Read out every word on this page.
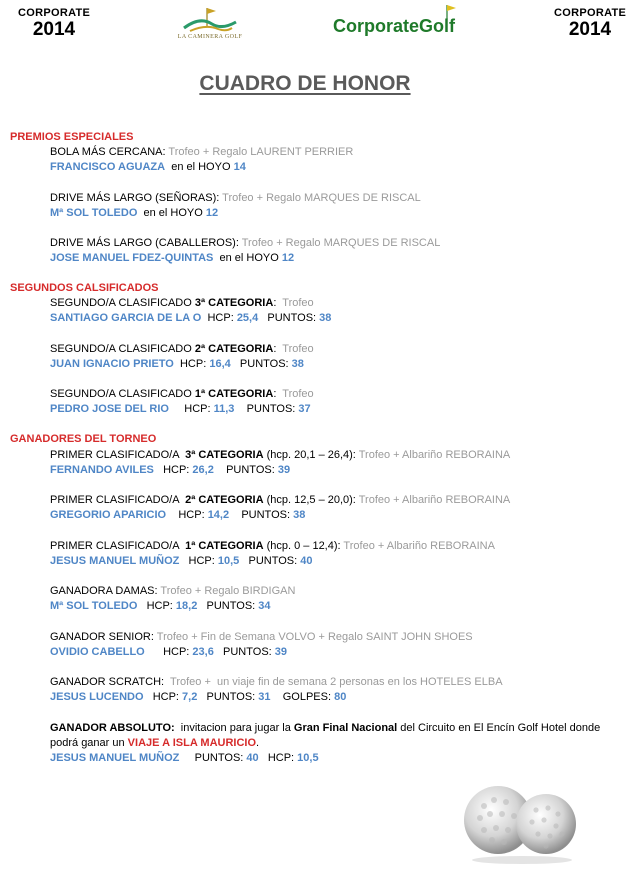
CORPORATE
2014	LA CAMINERA GOLF
CorporateGolf
CORPORATE
2014
CUADRO DE HONOR
PREMIOS ESPECIALES
BOLA MÁS CERCANA: Trofeo + Regalo LAURENT PERRIER
FRANCISCO AGUAZA  en el HOYO 14
DRIVE MÁS LARGO (SEÑORAS): Trofeo + Regalo MARQUES DE RISCAL
Mª SOL TOLEDO  en el HOYO 12
DRIVE MÁS LARGO (CABALLEROS): Trofeo + Regalo MARQUES DE RISCAL
JOSE MANUEL FDEZ-QUINTAS  en el HOYO 12
SEGUNDOS CALSIFICADOS
SEGUNDO/A CLASIFICADO 3ª CATEGORIA:  Trofeo
SANTIAGO GARCIA DE LA O  HCP: 25,4   PUNTOS: 38
SEGUNDO/A CLASIFICADO 2ª CATEGORIA:  Trofeo
JUAN IGNACIO PRIETO  HCP: 16,4   PUNTOS: 38
SEGUNDO/A CLASIFICADO 1ª CATEGORIA:  Trofeo
PEDRO JOSE DEL RIO     HCP: 11,3    PUNTOS: 37
GANADORES DEL TORNEO
PRIMER CLASIFICADO/A  3ª CATEGORIA (hcp. 20,1 – 26,4): Trofeo + Albariño REBORAINA
FERNANDO AVILES   HCP: 26,2    PUNTOS: 39
PRIMER CLASIFICADO/A  2ª CATEGORIA (hcp. 12,5 – 20,0): Trofeo + Albariño REBORAINA
GREGORIO APARICIO    HCP: 14,2    PUNTOS: 38
PRIMER CLASIFICADO/A  1ª CATEGORIA (hcp. 0 – 12,4): Trofeo + Albariño REBORAINA
JESUS MANUEL MUÑOZ   HCP: 10,5   PUNTOS: 40
GANADORA DAMAS: Trofeo + Regalo BIRDIGAN
Mª SOL TOLEDO   HCP: 18,2   PUNTOS: 34
GANADOR SENIOR: Trofeo + Fin de Semana VOLVO + Regalo SAINT JOHN SHOES
OVIDIO CABELLO      HCP: 23,6   PUNTOS: 39
GANADOR SCRATCH:  Trofeo +  un viaje fin de semana 2 personas en los HOTELES ELBA
JESUS LUCENDO   HCP: 7,2   PUNTOS: 31    GOLPES: 80
GANADOR ABSOLUTO:  invitacion para jugar la Gran Final Nacional del Circuito en El Encín Golf Hotel donde
podrá ganar un VIAJE A ISLA MAURICIO.
JESUS MANUEL MUÑOZ     PUNTOS: 40   HCP: 10,5
